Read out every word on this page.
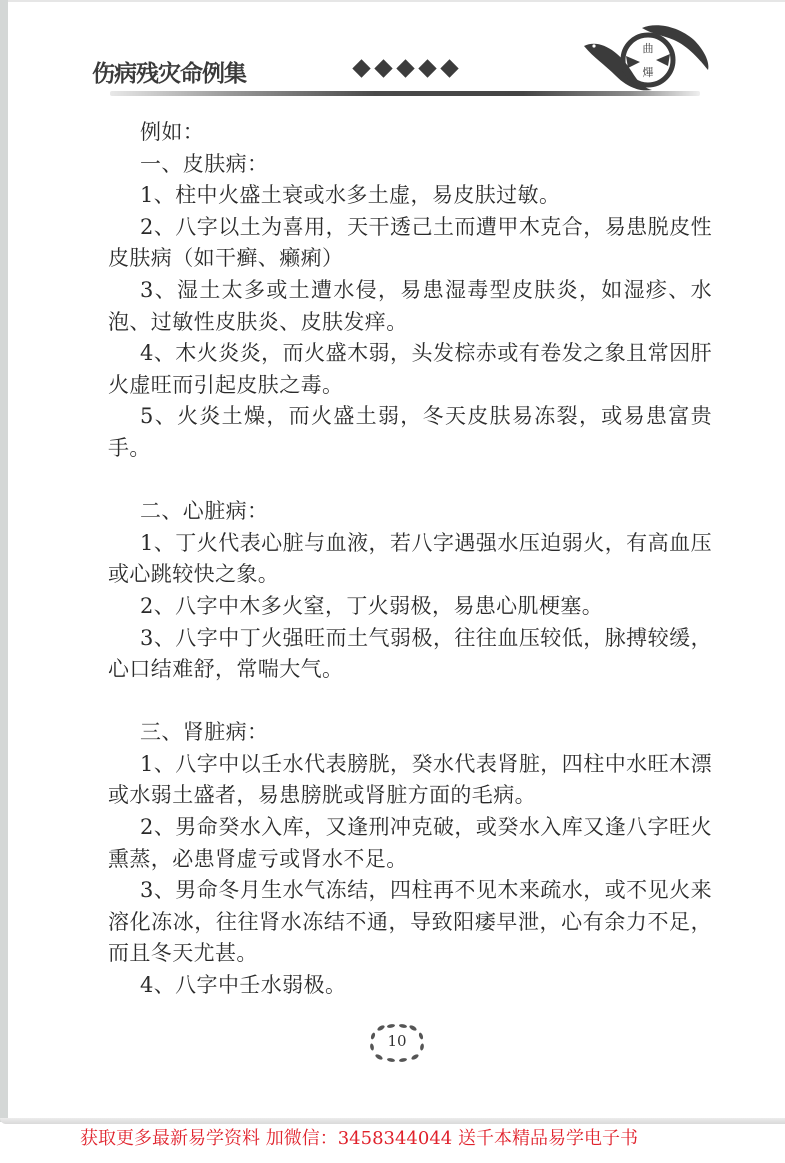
伤病残灾命例集
曲
熚

例如：

一、皮肤病：

1、柱中火盛土衰或水多土虚，易皮肤过敏。

2、八字以土为喜用，天干透己土而遭甲木克合，易患脱皮性皮肤病（如干癣、癞痢）

3、湿土太多或土遭水侵，易患湿毒型皮肤炎，如湿疹、水泡、过敏性皮肤炎、皮肤发痒。

4、木火炎炎，而火盛木弱，头发棕赤或有卷发之象且常因肝火虚旺而引起皮肤之毒。

5、火炎土燥，而火盛土弱，冬天皮肤易冻裂，或易患富贵手。

二、心脏病：

1、丁火代表心脏与血液，若八字遇强水压迫弱火，有高血压或心跳较快之象。

2、八字中木多火窒，丁火弱极，易患心肌梗塞。

3、八字中丁火强旺而土气弱极，往往血压较低，脉搏较缓，心口结难舒，常喘大气。

三、肾脏病：

1、八字中以壬水代表膀胱，癸水代表肾脏，四柱中水旺木漂或水弱土盛者，易患膀胱或肾脏方面的毛病。

2、男命癸水入库，又逢刑冲克破，或癸水入库又逢八字旺火熏蒸，必患肾虚亏或肾水不足。

3、男命冬月生水气冻结，四柱再不见木来疏水，或不见火来溶化冻冰，往往肾水冻结不通，导致阳痿早泄，心有余力不足，而且冬天尤甚。

4、八字中壬水弱极。

10
获取更多最新易学资料 加微信：3458344044 送千本精品易学电子书
